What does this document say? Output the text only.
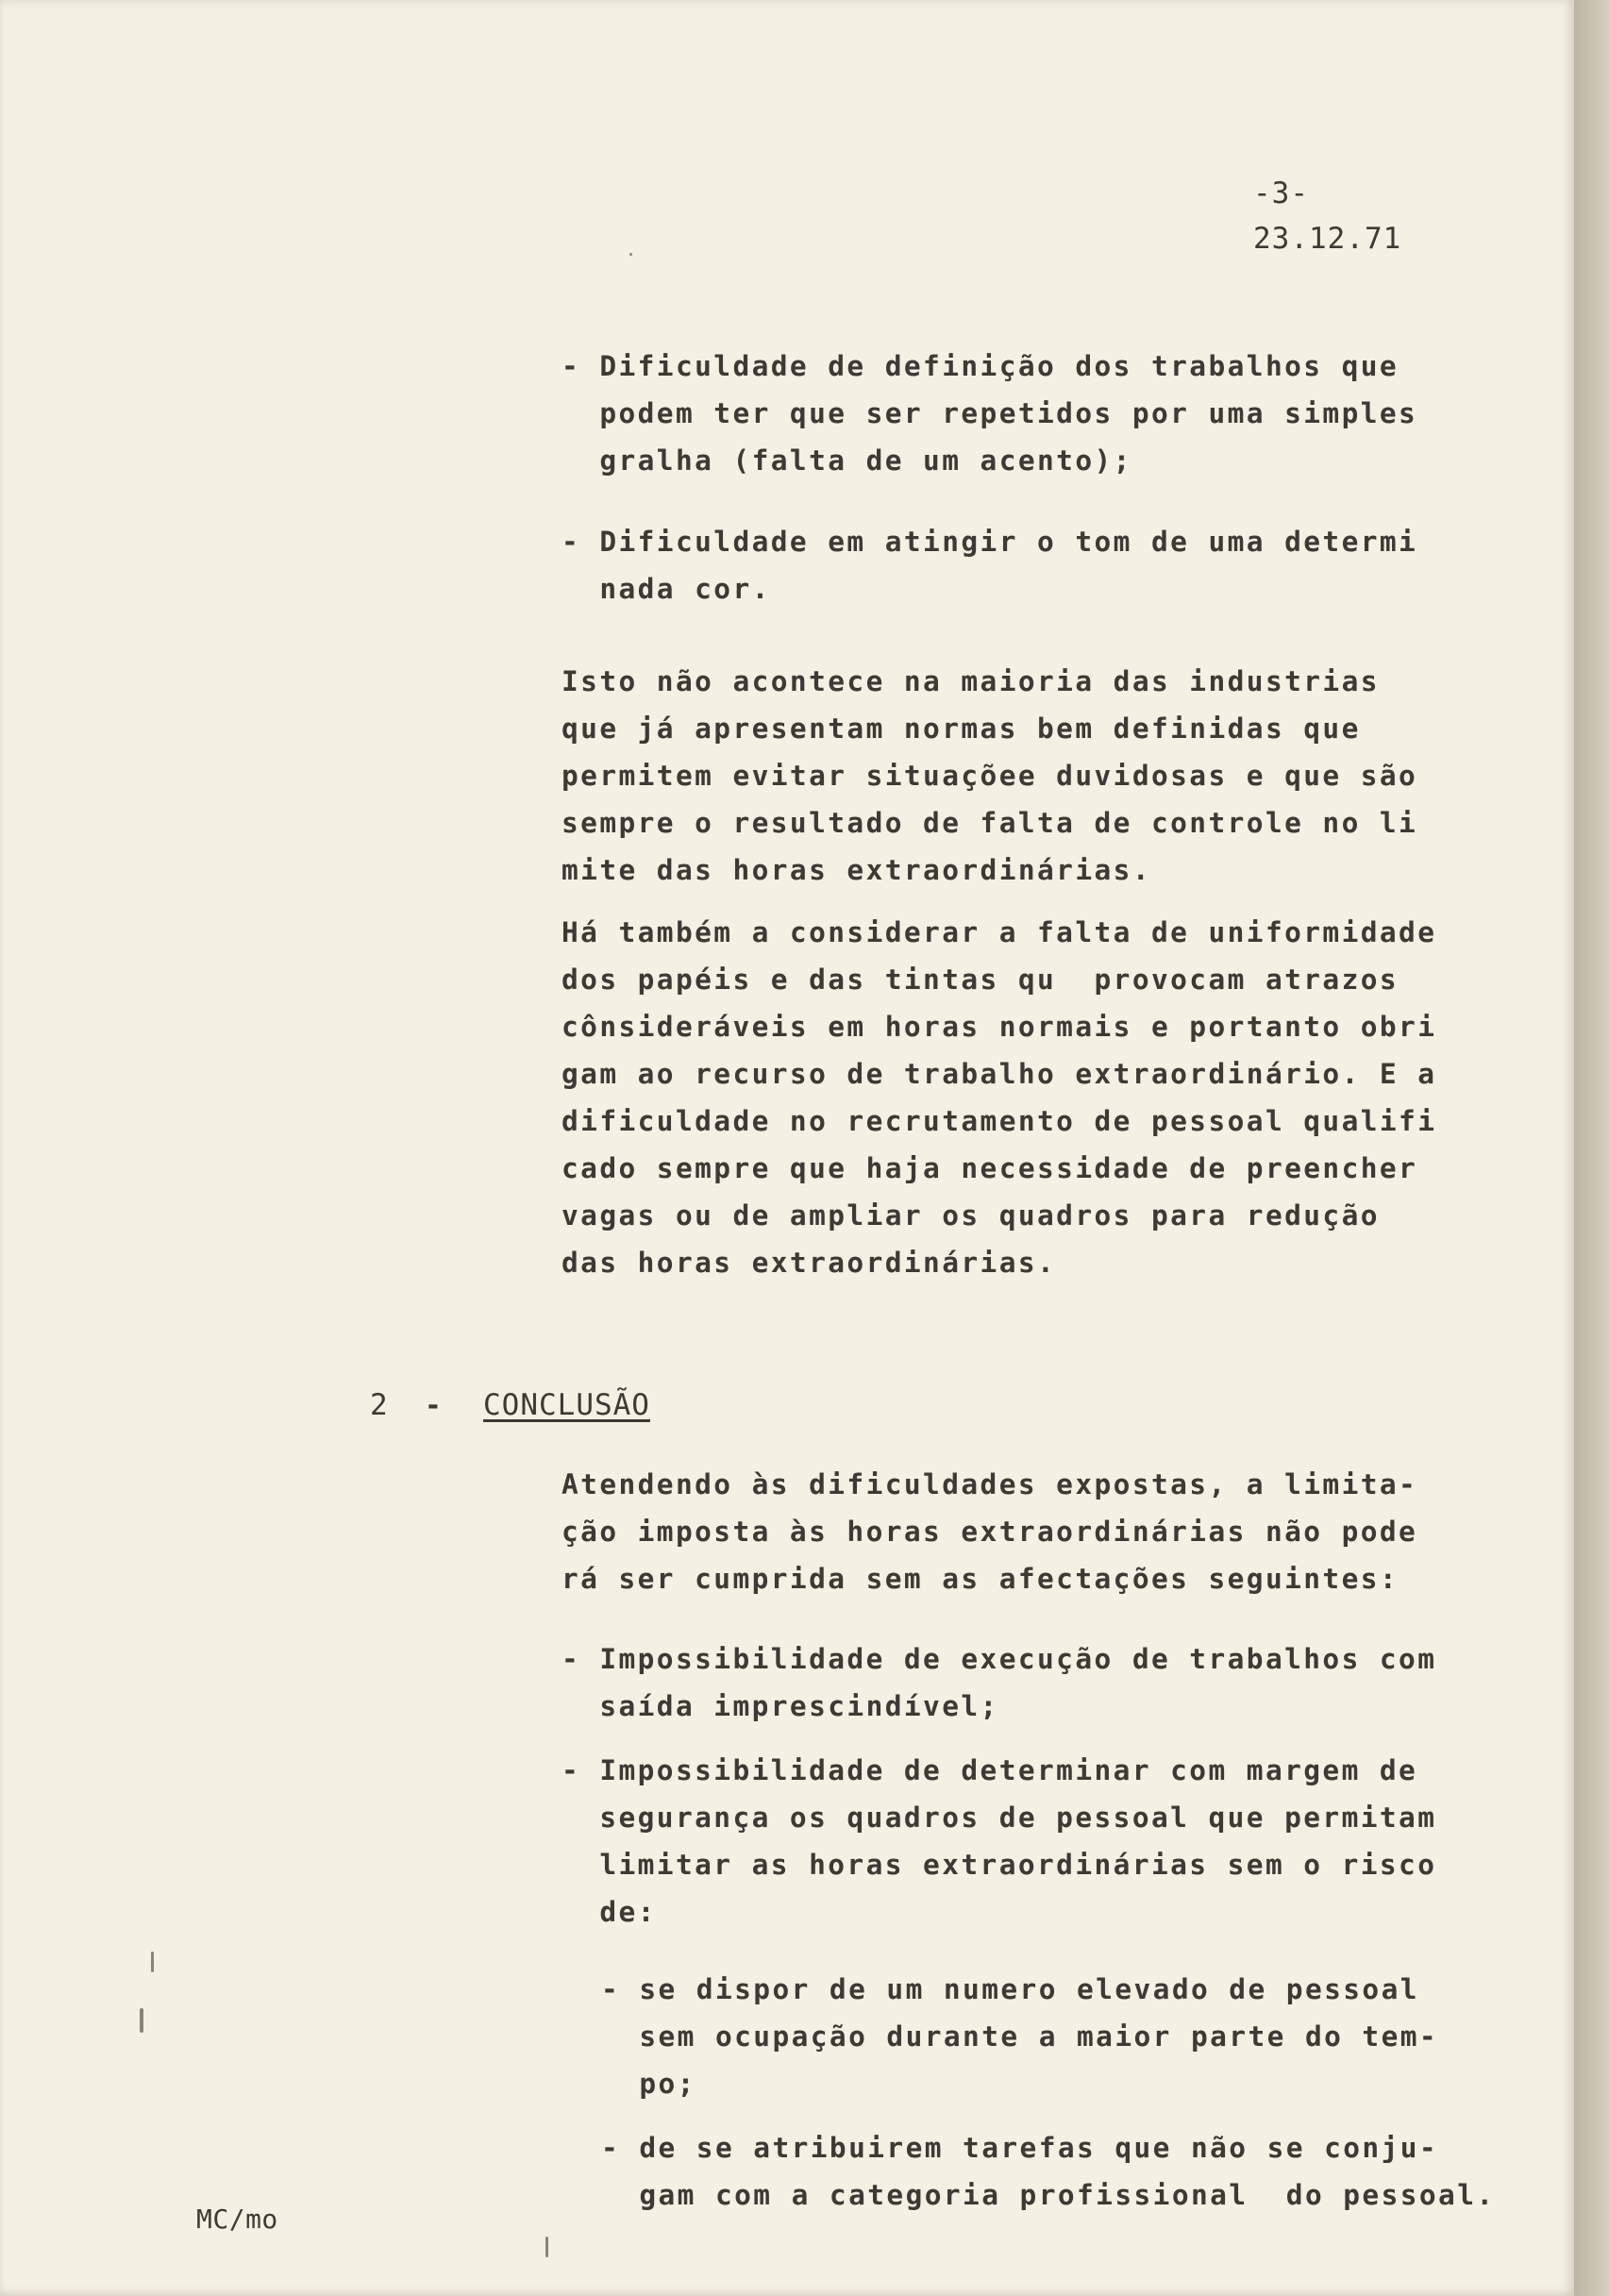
-3-
23.12.71
- Dificuldade de definição dos trabalhos que
podem ter que ser repetidos por uma simples
gralha (falta de um acento);
- Dificuldade em atingir o tom de uma determi
nada cor.
Isto não acontece na maioria das industrias
que já apresentam normas bem definidas que
permitem evitar situaçõee duvidosas e que são
sempre o resultado de falta de controle no li
mite das horas extraordinárias.
Há também a considerar a falta de uniformidade
dos papéis e das tintas qu  provocam atrazos
cônsideráveis em horas normais e portanto obri
gam ao recurso de trabalho extraordinário. E a
dificuldade no recrutamento de pessoal qualifi
cado sempre que haja necessidade de preencher
vagas ou de ampliar os quadros para redução
das horas extraordinárias.
2 - CONCLUSÃO
Atendendo às dificuldades expostas, a limita-
ção imposta às horas extraordinárias não pode
rá ser cumprida sem as afectações seguintes:
- Impossibilidade de execução de trabalhos com
saída imprescindível;
- Impossibilidade de determinar com margem de
segurança os quadros de pessoal que permitam
limitar as horas extraordinárias sem o risco
de:
- se dispor de um numero elevado de pessoal
sem ocupação durante a maior parte do tem-
po;
- de se atribuirem tarefas que não se conju-
gam com a categoria profissional  do pessoal.
MC/mo
